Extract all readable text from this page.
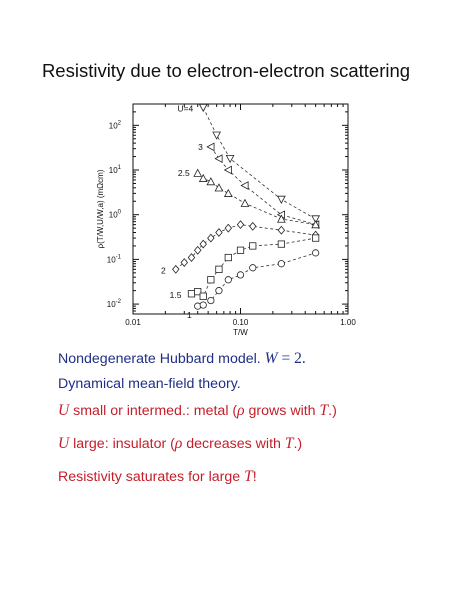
Resistivity due to electron-electron scattering
0.01	0.10	1.00
$10^{-2}$
$10^{-1}$
$10^0$
$10^1$
$10^2$
T/W
ρ(T/W,U/W,a) (mΩcm)
U=4
3
2.5
2
1.5
1
Nondegenerate Hubbard model. W = 2.
Dynamical mean-field theory.
U small or intermed.: metal (ρ grows with T.)
U large: insulator (ρ decreases with T.)
Resistivity saturates for large T!
